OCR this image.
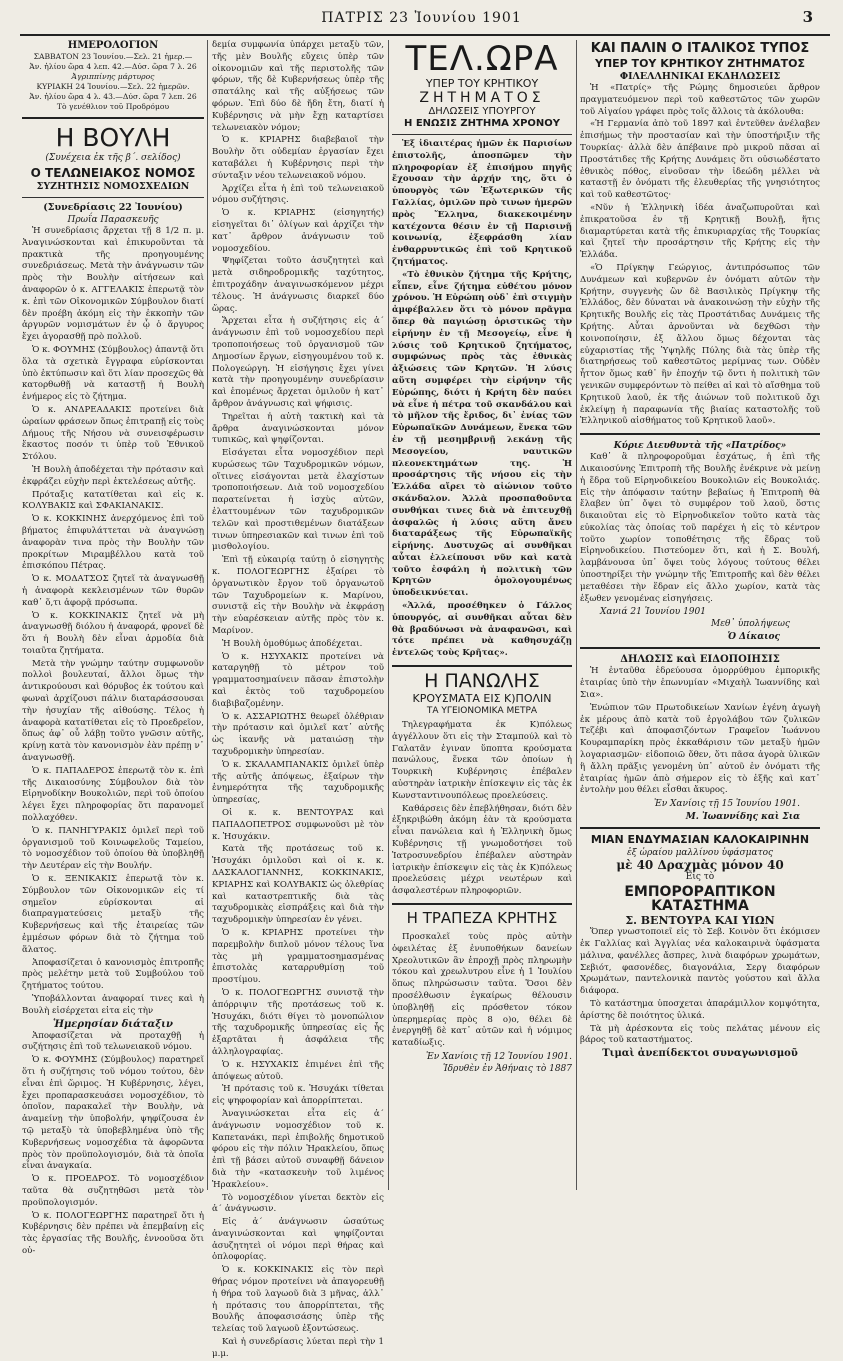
ΠΑΤΡΙΣ 23 Ἰουνίου 1901	3

ΗΜΕΡΟΛΟΓΙΟΝ

ΣΑΒΒΑΤΟΝ 23 Ἰουνίου.—Σελ. 21 ἡμερ.—

Ἀν. ἡλίου ὥρα 4 λεπ. 42.—Δύσ. ὥρα 7 λ. 26

Ἀγριππίνης μάρτυρος

ΚΥΡΙΑΚΗ 24 Ἰουνίου.—Σελ. 22 ἡμερῶν.

Ἀν. ἡλίου ὥρα 4 λ. 43.—Δύσ. ὥρα 7 λεπ. 26

Τὸ γενέθλιον τοῦ Προδρόμου

Η ΒΟΥΛΗ

(Συνέχεια ἐκ τῆς β΄. σελίδος)

Ο ΤΕΛΩΝΕΙΑΚΟΣ ΝΟΜΟΣ

ΣΥΖΗΤΗΣΙΣ ΝΟΜΟΣΧΕΔΙΩΝ

(Συνεδρίασις 22 Ἰουνίου)

Πρωΐα Παρασκευῆς

Ἡ συνεδρίασις ἄρχεται τῇ 8 1/2 π. μ. Ἀναγινώσκονται καὶ ἐπικυροῦνται τὰ πρακτικὰ τῆς προηγουμένης συνεδριάσεως. Μετὰ τὴν ἀνάγνωσιν τῶν πρὸς τὴν Βουλὴν αἰτήσεων καὶ ἀναφορῶν ὁ κ. ΑΓΓΕΛΑΚΙΣ ἐπερωτᾷ τὸν κ. ἐπὶ τῶν Οἰκονομικῶν Σύμβουλον διατί δὲν προέβη ἀκόμη εἰς τὴν ἐκκοπὴν τῶν ἀργυρῶν νομισμάτων ἐν ᾧ ὁ ἄργυρος ἔχει ἀγορασθῇ πρὸ πολλοῦ.

Ὁ κ. ΦΟΥΜΗΣ (Σύμβουλος) ἀπαντᾷ ὅτι ὅλα τὰ σχετικὰ ἔγγραφα εὑρίσκονται ὑπὸ ἐκτύπωσιν καὶ ὅτι λίαν προσεχῶς θὰ κατορθωθῇ νὰ καταστῇ ἡ Βουλὴ ἐνήμερος εἰς τὸ ζήτημα.

Ὁ κ. ΑΝΔΡΕΑΔΑΚΙΣ προτείνει διὰ ὡραίων φράσεων ὅπως ἐπιτραπῇ εἰς τοὺς Δήμους τῆς Νήσου νὰ συνεισφέρωσιν ἕκαστος ποσόν τι ὑπὲρ τοῦ Ἐθνικοῦ Στόλου.

Ἡ Βουλὴ ἀποδέχεται τὴν πρότασιν καὶ ἐκφράζει εὐχὴν περὶ ἐκτελέσεως αὐτῆς.

Πρόταξις κατατίθεται καὶ εἰς κ. ΚΟΛΥΒΑΚΙΣ καὶ ΣΦΑΚΙΑΝΑΚΙΣ.

Ὁ κ. ΚΟΚΚΙΝΗΣ ἀνερχόμενος ἐπὶ τοῦ βήματος ἐπιφυλάττεται νὰ ἀναγνώσῃ ἀναφορὰν τινα πρὸς τὴν Βουλὴν τῶν προκρίτων Μιραμβέλλου κατὰ τοῦ ἐπισκόπου Πέτρας.

Ὁ κ. ΜΟΔΑΤΣΟΣ ζητεῖ τὰ ἀναγνωσθῇ ἡ ἀναφορὰ κεκλεισμένων τῶν θυρῶν καθ᾽ ὅ,τι ἀφορᾷ πρόσωπα.

Ὁ κ. ΚΟΚΚΙΝΑΚΙΣ ζητεῖ νὰ μὴ ἀναγνωσθῇ διόλου ἡ ἀναφορά, φρονεῖ δὲ ὅτι ἡ Βουλὴ δὲν εἶναι ἁρμοδία διὰ τοιαῦτα ζητήματα.

Μετὰ τὴν γνώμην ταύτην συμφωνοῦν πολλοὶ βουλευταί, ἄλλοι ὅμως τὴν ἀντικρούουσι καὶ θόρυβος ἐκ τούτου καὶ φωναὶ ἀρχίζουσι πάλιν διαταράσσουσαι τὴν ἡσυχίαν τῆς αἰθούσης. Τέλος ἡ ἀναφορὰ κατατίθεται εἰς τὸ Προεδρεῖον, ὅπως ἀφ᾽ οὗ λάβῃ τοῦτο γνῶσιν αὐτῆς, κρίνῃ κατὰ τὸν κανονισμὸν ἐὰν πρέπῃ ν᾽ ἀναγνωσθῇ.

Ὁ κ. ΠΑΠΑΔΕΡΟΣ ἐπερωτᾷ τὸν κ. ἐπὶ τῆς Δικαιοσύνης Σύμβουλον διὰ τὸν Εἰρηνοδίκην Βουκολιῶν, περὶ τοῦ ὁποίου λέγει ἔχει πληροφορίας ὅτι παρανομεῖ πολλαχόθεν.

Ὁ κ. ΠΑΝΗΓΥΡΑΚΙΣ ὁμιλεῖ περὶ τοῦ ὀργανισμοῦ τοῦ Κοινωφελοῦς Ταμείου, τὸ νομοσχέδιον τοῦ ὁποίου θὰ ὑποβληθῇ τὴν Δευτέραν εἰς τὴν Βουλήν.

Ὁ κ. ΞΕΝΙΚΑΚΙΣ ἐπερωτᾷ τὸν κ. Σύμβουλον τῶν Οἰκονομικῶν εἰς τί σημεῖον εὑρίσκονται αἱ διαπραγματεύσεις μεταξὺ τῆς Κυβερνήσεως καὶ τῆς ἑταιρείας τῶν ἐμμέσων φόρων διὰ τὸ ζήτημα τοῦ ἅλατος.

Ἀποφασίζεται ὁ κανονισμὸς ἐπιτροπῆς πρὸς μελέτην μετὰ τοῦ Συμβούλου τοῦ ζητήματος τούτου.

Ὑποβάλλονται ἀναφοραί τινες καὶ ἡ Βουλὴ εἰσέρχεται εἰτα εἰς τὴν

Ἡμερησίαν διάταξιν

Ἀποφασίζεται νὰ προταχθῇ ἡ συζήτησις ἐπὶ τοῦ τελωνειακοῦ νόμου.

Ὁ κ. ΦΟΥΜΗΣ (Σύμβουλος) παρατηρεῖ ὅτι ἡ συζήτησις τοῦ νόμου τούτου, δὲν εἶναι ἐπὶ ὥριμος. Ἡ Κυβέρνησις, λέγει, ἔχει προπαρασκευάσει νομοσχέδιον, τὸ ὁποῖον, παρακαλεῖ τὴν Βουλὴν, νὰ ἀναμείνῃ τὴν ὑποβολήν, ψηφίζουσα ἐν τῷ μεταξὺ τὰ ὑποβεβλημένα ὑπὸ τῆς Κυβερνήσεως νομοσχέδια τὰ ἀφορῶντα πρὸς τὸν προϋπολογισμόν, διὰ τὰ ὁποῖα εἶναι ἀναγκαία.

Ὁ κ. ΠΡΟΕΔΡΟΣ. Τὸ νομοσχέδιον ταῦτα θὰ συζητηθῶσι μετὰ τὸν προϋπολογισμόν.

Ὁ κ. ΠΟΛΟΓΕΩΡΓΗΣ παρατηρεῖ ὅτι ἡ Κυβέρνησις δὲν πρέπει νὰ ἐπεμβαίνῃ εἰς τὰς ἐργασίας τῆς Βουλῆς, ἐννοοῦσα ὅτι οὐ-

δεμία συμφωνία ὑπάρχει μεταξὺ τῶν, τῆς μὲν Βουλῆς εὔχεις ὑπὲρ τῶν οἰκονομιῶν καὶ τῆς περιστολῆς τῶν φόρων, τῆς δὲ Κυβερνήσεως ὑπὲρ τῆς σπατάλης καὶ τῆς αὐξήσεως τῶν φόρων. Ἐπὶ δύο δὲ ἤδη ἔτη, διατί ἡ Κυβέρνησις νὰ μὴν ἔχῃ καταρτίσει τελωνειακὸν νόμον;

Ὁ κ. ΚΡΙΑΡΗΣ διαβεβαιοῖ τὴν Βουλὴν ὅτι οὐδεμίαν ἐργασίαν ἔχει καταβάλει ἡ Κυβέρνησις περὶ τὴν σύνταξιν νέου τελωνειακοῦ νόμου.

Ἀρχίζει εἶτα ἡ ἐπὶ τοῦ τελωνειακοῦ νόμου συζήτησις.

Ὁ κ. ΚΡΙΑΡΗΣ (εἰσηγητής) εἰσηγεῖται δι᾽ ὀλίγων καὶ ἀρχίζει τὴν κατ᾽ ἄρθρον ἀνάγνωσιν τοῦ νομοσχεδίου.

Ψηφίζεται τοῦτο ἀσυζητητεὶ καὶ μετὰ σιδηροδρομικῆς ταχύτητος, ἐπιτροχάδην ἀναγινωσκόμενον μέχρι τέλους. Ἡ ἀνάγνωσις διαρκεῖ δύο ὥρας.

Ἄρχεται εἶτα ἡ συζήτησις εἰς ἀ΄ ἀνάγνωσιν ἐπὶ τοῦ νομοσχεδίου περὶ τροποποιήσεως τοῦ ὀργανισμοῦ τῶν Δημοσίων ἔργων, εἰσηγουμένου τοῦ κ. Πολογεώργη. Ἡ εἰσήγησις ἔχει γίνει κατὰ τὴν προηγουμένην συνεδρίασιν καὶ ἐπομένως ἄρχεται ὁμιλοῦν ἡ κατ᾽ ἄρθρον ἀνάγνωσις καὶ ψήφισις.

Τηρεῖται ἡ αὐτὴ τακτικὴ καὶ τὰ ἄρθρα ἀναγινώσκονται μόνον τυπικῶς, καὶ ψηφίζονται.

Εἰσάγεται εἶτα νομοσχέδιον περὶ κυρώσεως τῶν Ταχυδρομικῶν νόμων, οἵτινες εἰσάγονται μετὰ ἐλαχίστων τροποποιήσεων. Διὰ τοῦ νομοσχεδίου παρατείνεται ἡ ἰσχὺς αὐτῶν, ἐλαττουμένων τῶν ταχυδρομικῶν τελῶν καὶ προστιθεμένων διατάξεων τινων ὑπηρεσιακῶν καὶ τινων ἐπὶ τοῦ μισθολογίου.

Ἐπὶ τῇ εὐκαιρίᾳ ταύτῃ ὁ εἰσηγητὴς κ. ΠΟΛΟΓΕΩΡΓΗΣ ἐξαίρει τὸ ὀργανωτικὸν ἔργον τοῦ ὀργανωτοῦ τῶν Ταχυδρομείων κ. Μαρίνου, συνιστᾷ εἰς τὴν Βουλὴν νὰ ἐκφράσῃ τὴν εὐαρέσκειαν αὐτῆς πρὸς τὸν κ. Μαρίνον.

Ἡ Βουλὴ ὁμοθύμως ἀποδέχεται.

Ὁ κ. ΗΣΥΧΑΚΙΣ προτείνει νὰ καταργηθῇ τὸ μέτρον τοῦ γραμματοσημαίνειν πᾶσαν ἐπιστολὴν καὶ ἐκτὸς τοῦ ταχυδρομείου διαβιβαζομένην.

Ὁ κ. ΑΣΣΑΡΙΩΤΗΣ θεωρεῖ ὀλέθριαν τὴν πρότασιν καὶ ὁμιλεῖ κατ᾽ αὐτῆς ὡς ἱκανῆς νὰ ματαιώσῃ τὴν ταχυδρομικὴν ὑπηρεσίαν.

Ὁ κ. ΣΚΑΛΑΜΠΑΝΑΚΙΣ ὁμιλεῖ ὑπὲρ τῆς αὐτῆς ἀπόψεως, ἐξαίρων τὴν ἐνημερότητα τῆς ταχυδρομικῆς ὑπηρεσίας,

Οἱ κ. κ. ΒΕΝΤΟΥΡΑΣ καὶ ΠΑΠΑΔΟΠΕΤΡΟΣ συμφωνοῦσι μὲ τὸν κ. Ἡσυχάκιν.

Κατὰ τῆς προτάσεως τοῦ κ. Ἡσυχάκι ὁμιλοῦσι καὶ οἱ κ. κ. ΔΑΣΚΑΛΟΓΙΑΝΝΗΣ, ΚΟΚΚΙΝΑΚΙΣ, ΚΡΙΑΡΗΣ καὶ ΚΟΛΥΒΑΚΙΣ ὡς ὀλεθρίας καὶ καταστρεπτικῆς διὰ τὰς ταχυδρομικὰς εἰσπράξεις καὶ διὰ τὴν ταχυδρομικὴν ὑπηρεσίαν ἐν γένει.

Ὁ κ. ΚΡΙΑΡΗΣ προτείνει τὴν παρεμβολὴν διπλοῦ μόνον τέλους ἵνα τὰς μὴ γραμματοσημασμένας ἐπιστολὰς καταρρυθμίσῃ τοῦ προστίμου.

Ὁ κ. ΠΟΛΟΓΕΩΡΓΗΣ συνιστᾷ τὴν ἀπόρριψιν τῆς προτάσεως τοῦ κ. Ἡσυχάκι, διότι θίγει τὸ μονοπώλιον τῆς ταχυδρομικῆς ὑπηρεσίας εἰς ἧς ἐξαρτᾶται ἡ ἀσφάλεια τῆς ἀλληλογραφίας.

Ὁ κ. ΗΣΥΧΑΚΙΣ ἐπιμένει ἐπὶ τῆς ἀπόψεως αὐτοῦ.

Ἡ πρότασις τοῦ κ. Ἡσυχάκι τίθεται εἰς ψηφοφορίαν καὶ ἀπορρίπτεται.

Ἀναγινώσκεται εἶτα εἰς ἀ΄ ἀνάγνωσιν νομοσχέδιον τοῦ κ. Καπετανάκι, περὶ ἐπιβολῆς δημοτικοῦ φόρου εἰς τὴν πόλιν Ἡρακλείου, ὅπως ἐπὶ τῇ βάσει αὐτοῦ συναφθῇ δάνειον διὰ τὴν «κατασκευὴν τοῦ λιμένος Ἡρακλείου».

Τὸ νομοσχέδιον γίνεται δεκτὸν εἰς ἀ΄ ἀνάγνωσιν.

Εἰς ἀ΄ ἀνάγνωσιν ὡσαύτως ἀναγινώσκονται καὶ ψηφίζονται ἀσυζητητεὶ οἱ νόμοι περὶ θήρας καὶ ὁπλοφορίας.

Ὁ κ. ΚΟΚΚΙΝΑΚΙΣ εἰς τὸν περὶ θήρας νόμον προτείνει νὰ ἀπαγορευθῇ ἡ θήρα τοῦ λαγωοῦ διὰ 3 μῆνας, ἀλλ᾽ ἡ πρότασις του ἀπορρίπτεται, τῆς Βουλῆς ἀποφασισάσης ὑπὲρ τῆς τελείας τοῦ λαγωοῦ ἐξοντώσεως.

Καὶ ἡ συνεδρίασις λύεται περὶ τὴν 1 μ.μ.

ΤΕΛ.ΩΡΑ

ΥΠΕΡ ΤΟΥ ΚΡΗΤΙΚΟΥ

ΖΗΤΗΜΑΤΟΣ

ΔΗΛΩΣΕΙΣ ΥΠΟΥΡΓΟΥ

Η ΕΝΩΣΙΣ ΖΗΤΗΜΑ ΧΡΟΝΟΥ

Ἐξ ἰδιαιτέρας ἡμῶν ἐκ Παρισίων ἐπιστολῆς, ἀποσπῶμεν τὴν πληροφορίαν ἐξ ἐπισήμου πηγῆς ἔχουσαν τὴν ἀρχήν της, ὅτι ὁ ὑπουργὸς τῶν Ἐξωτερικῶν τῆς Γαλλίας, ὁμιλῶν πρὸ τινων ἡμερῶν πρὸς Ἕλληνα, διακεκοιμένην κατέχοντα θέσιν ἐν τῇ Παρισινῇ κοινωνίᾳ, ἐξεφράσθη λίαν ἐνθαρρυντικῶς ἐπὶ τοῦ Κρητικοῦ ζητήματος.

«Τὸ ἐθνικὸν ζήτημα τῆς Κρήτης, εἶπεν, εἶνε ζήτημα εὐθέτου μόνον χρόνου. Ἡ Εὐρώπη οὐδ᾽ ἐπὶ στιγμὴν ἀμφέβαλλεν ὅτι τὸ μόνον πρᾶγμα ὅπερ θὰ παγιώσῃ ὁριστικῶς τὴν εἰρήνην ἐν τῇ Μεσογείῳ, εἶνε ἡ λύσις τοῦ Κρητικοῦ ζητήματος, συμφώνως πρὸς τὰς ἐθνικὰς ἀξιώσεις τῶν Κρητῶν. Ἡ λύσις αὕτη συμφέρει τὴν εἰρήνην τῆς Εὐρώπης, διότι ἡ Κρήτη δὲν παύει νὰ εἶνε ἡ πέτρα τοῦ σκανδάλου καὶ τὸ μῆλον τῆς ἔριδος, δι᾽ ἐνίας τῶν Εὐρωπαϊκῶν Δυνάμεων, ἕνεκα τῶν ἐν τῇ μεσημβρινῇ λεκάνῃ τῆς Μεσογείου, ναυτικῶν πλεονεκτημάτων της. Ἡ προσάρτησις τῆς νήσου εἰς τὴν Ἑλλάδα αἴρει τὸ αἰώνιον τοῦτο σκάνδαλον. Ἀλλὰ προσπαθοῦντα συνθήκαι τινες διὰ νὰ ἐπιτευχθῇ ἀσφαλῶς ἡ λύσις αὕτη ἄνευ διαταράξεως τῆς Εὐρωπαϊκῆς εἰρήνης. Δυστυχῶς αἱ συνθῆκαι αὗται ἐλλείπουσι νῦν καὶ κατὰ τοῦτο ἐσφάλη ἡ πολιτικὴ τῶν Κρητῶν ὁμολογουμένως ὑποδεικνύεται.

«Ἀλλά, προσέθηκεν ὁ Γάλλος ὑπουργός, αἱ συνθῆκαι αὗται δὲν θὰ βραδύνωσι νὰ ἀναφανῶσι, καὶ τότε πρέπει νὰ καθησυχάζῃ ἐντελῶς τοὺς Κρῆτας».

Η ΠΑΝΩΛΗΣ

ΚΡΟΥΣΜΑΤΑ ΕΙΣ Κ)ΠΟΛΙΝ

ΤΑ ΥΓΕΙΟΝΟΜΙΚΑ ΜΕΤΡΑ

Τηλεγραφήματα ἐκ Κ)πόλεως ἀγγέλλουν ὅτι εἰς τὴν Σταμπούλ καὶ τὸ Γαλατᾶν ἐγιναν ὕποπτα κρούσματα πανώλους, ἕνεκα τῶν ὁποίων ἡ Τουρκικὴ Κυβέρνησις ἐπέβαλεν αὐστηρὰν ἰατρικὴν ἐπίσκεψιν εἰς τὰς ἐκ Κωνσταντινουπόλεως προελεύσεις.

Καθάρσεις δὲν ἐπεβλήθησαν, διότι δὲν ἐξηκριβώθη ἀκόμη ἐὰν τὰ κρούσματα εἶναι πανώλεια καὶ ἡ Ἑλληνικὴ ὅμως Κυβέρνησις τῇ γνωμοδοτήσει τοῦ Ἰατροσυνεδρίου ἐπέβαλεν αὐστηρὰν ἰατρικὴν ἐπίσκεψιν εἰς τὰς ἐκ Κ)πόλεως προελεύσεις μέχρι νεωτέρων καὶ ἀσφαλεστέρων πληροφοριῶν.

Η ΤΡΑΠΕΖΑ ΚΡΗΤΗΣ

Προσκαλεῖ τοὺς πρὸς αὐτὴν ὀφειλέτας ἐξ ἐνυποθήκων δανείων Χρεολυτικῶν ἂν ἐπροχῇ πρὸς πληρωμὴν τόκου καὶ χρεωλυτρου εἶνε ἡ 1 Ἰουλίου ὅπως πληρώσωσιν ταῦτα. Ὅσοι δὲν προσέλθωσιν ἐγκαίρως θέλουσιν ὑποβληθῇ εἰς πρόσθετον τόκον ὑπερημερίας πρὸς 8 ο)ο, θέλει δὲ ἐνεργηθῇ δὲ κατ᾽ αὐτῶν καὶ ἡ νόμιμος καταδίωξις.

Ἐν Χανίοις τῇ 12 Ἰουνίου 1901.

Ἱδρυθὲν ἐν Ἀθήναις τὸ 1887

ΚΑΙ ΠΑΛΙΝ Ο ΙΤΑΛΙΚΟΣ ΤΥΠΟΣ
ΥΠΕΡ ΤΟΥ ΚΡΗΤΙΚΟΥ ΖΗΤΗΜΑΤΟΣ

ΦΙΛΕΛΛΗΝΙΚΑΙ ΕΚΔΗΛΩΣΕΙΣ

Ἡ «Πατρίς» τῆς Ρώμης δημοσιεύει ἄρθρον πραγματευόμενον περὶ τοῦ καθεστῶτος τῶν χωρῶν τοῦ Αἰγαίου γράφει πρὸς τοῖς ἄλλοις τὰ ἀκόλουθα:

«Ἡ Γερμανία ἀπὸ τοῦ 1897 καὶ ἐντεῦθεν ἀνέλαβεν ἐπισήμως τὴν προστασίαν καὶ τὴν ὑποστήριξιν τῆς Τουρκίας· ἀλλὰ δὲν ἀπέβαινε πρὸ μικροῦ πᾶσαι αἱ Προστάτιδες τῆς Κρήτης Δυνάμεις ὅτι οὐσιωδέστατο ἐθνικὸς πόθος, εἰνοῦσαν τὴν ἰδεώδη μέλλει νὰ καταστῇ ἐν ὀνόματι τῆς ἐλευθερίας τῆς γνησιότητος καὶ τοῦ καθεστῶτος·

«Νῦν ἡ Ἑλληνικὴ ἰδέα ἀναζωπυροῦται καὶ ἐπικρατοῦσα ἐν τῇ Κρητικῇ Βουλῇ, ἥτις διαμαρτύρεται κατὰ τῆς ἐπικυριαρχίας τῆς Τουρκίας καὶ ζητεῖ τὴν προσάρτησιν τῆς Κρήτης εἰς τὴν Ἑλλάδα.

«Ὁ Πρίγκηψ Γεώργιος, ἀντιπρόσωπος τῶν Δυνάμεων καὶ κυβερνῶν ἐν ὀνόματι αὐτῶν τὴν Κρήτην, συγγενὴς ὢν δὲ Βασιλικὸς Πρίγκηψ τῆς Ἑλλάδος, δὲν δύναται νὰ ἀνακοινώσῃ τὴν εὐχὴν τῆς Κρητικῆς Βουλῆς εἰς τὰς Προστάτιδας Δυνάμεις τῆς Κρήτης. Αὗται ἀρνοῦνται νὰ δεχθῶσι τὴν κοινοποίησιν, ἐξ ἄλλου ὅμως δέχονται τὰς εὐχαριστίας τῆς Ὑψηλῆς Πύλης διὰ τὰς ὑπὲρ τῆς διατηρήσεως τοῦ καθεστῶτος μερίμνας των. Οὐδὲν ἦττον ὅμως καθ᾽ ἣν ἐποχήν τῷ ὄντι ἡ πολιτικὴ τῶν γενικῶν συμφερόντων τὸ πείθει αἱ καὶ τὸ αἴσθημα τοῦ Κρητικοῦ λαοῦ, ἐκ τῆς ἀιώνων τοῦ πολιτικοῦ ὄχι ἐκλείψῃ ἡ παραφωνία τῆς βιαίας καταστολῆς τοῦ Ἑλληνικοῦ αἰσθήματος τοῦ Κρητικοῦ λαοῦ».

Κύριε Διευθυντὰ τῆς «Πατρίδος»

Καθ᾽ ἃ πληροφοροῦμαι ἐσχάτως, ἡ ἐπὶ τῆς Δικαιοσύνης Ἐπιτροπὴ τῆς Βουλῆς ἐνέκρινε νὰ μείνῃ ἡ ἕδρα τοῦ Εἰρηνοδικείου Βουκολιῶν εἰς Βουκολιάς. Εἰς τὴν ἀπόφασιν ταύτην βεβαίως ἡ Ἐπιτροπὴ θὰ ἔλαβεν ὑπ᾽ ὄψει τὸ συμφέρον τοῦ λαοῦ, ὅστις δικαιοῦται εἰς τὸ Εἰρηνοδικεῖον τοῦτο κατὰ τὰς εὐκολίας τὰς ὁποίας τοῦ παρέχει ἡ εἰς τὸ κέντρον τοῦτο χωρίον τοποθέτησις τῆς ἕδρας τοῦ Εἰρηνοδικείου. Πιστεύομεν ὅτι, καὶ ἡ Σ. Βουλή, λαμβάνουσα ὑπ᾽ ὄψει τοὺς λόγους τούτους θέλει ὑποστηρίξει τὴν γνώμην τῆς Ἐπιτροπῆς καὶ δὲν θέλει μεταθέσει τὴν ἕδραν εἰς ἄλλο χωρίον, κατὰ τὰς ἐξωθεν γενομένας εἰσηγήσεις.

Χανιά 21 Ἰουνίου 1901

Μεθ᾽ ὑπολήψεως

Ὁ Δίκαιος

ΔΗΛΩΣΙΣ καὶ ΕΙΔΟΠΟΙΗΣΙΣ

Ἡ ἐνταῦθα ἑδρεύουσα ὁμορρύθμου ἐμπορικῆς ἑταιρίας ὑπὸ τὴν ἐπωνυμίαν «Μιχαὴλ Ἰωαννίδης καὶ Σια».

Ἐνώπιον τῶν Πρωτοδικείων Χανίων ἐγένη ἀγωγὴ ἐκ μέρους ἀπὸ κατὰ τοῦ ἐργολάβου τῶν ζυλικῶν Τεζέβι καὶ ἀποφασιζόντων Γραφεῖον Ἰωάννου Κουραμπαρίκη πρὸς ἐκκαθάρισιν τῶν μεταξὺ ἡμῶν λογαριασμῶν· εἰδοποιῶ ὅθεν, ὅτι πᾶσα ἀγορὰ ὑλικῶν ἢ ἄλλη πρᾶξις γενομένη ὑπ᾽ αὐτοῦ ἐν ὀνόματι τῆς ἑταιρίας ἡμῶν ἀπὸ σήμερον εἰς τὸ ἑξῆς καὶ κατ᾽ ἐντολὴν μου θέλει εἶσθαι ἄκυρος.

Ἐν Χανίοις τῇ 15 Ἰουνίου 1901.

Μ. Ἰωαννίδης καὶ Σια

ΜΙΑΝ ΕΝΔΥΜΑΣΙΑΝ ΚΑΛΟΚΑΙΡΙΝΗΝ

ἐξ ὡραίου μαλλίνου ὑφάσματος

μὲ 40 Δραχμὰς μόνον 40

Εἰς τὸ

ΕΜΠΟΡΟΡΑΠΤΙΚΟΝ ΚΑΤΑΣΤΗΜΑ

Σ. ΒΕΝΤΟΥΡΑ ΚΑΙ ΥΙΩΝ

Ὅπερ γνωστοποιεῖ εἰς τὸ Σεβ. Κοινὸν ὅτι ἐκόμισεν ἐκ Γαλλίας καὶ Ἀγγλίας νέα καλοκαιρινὰ ὑφάσματα μάλινα, φανέλλες ἄσπρες, λινὰ διαφόρων χρωμάτων, Σεβιότ, φασονέδες, διαγονάλια, Σεργ διαφόρων Χρωμάτων, παντελονικὰ παντὸς γούστου καὶ ἄλλα διάφορα.

Τὸ κατάστημα ὑποσχεται ἀπαράμιλλον κομψότητα, ἀρίστης δὲ ποιότητος ὑλικά.

Τὰ μὴ ἀρέσκοντα εἰς τοὺς πελάτας μένουν εἰς βάρος τοῦ καταστήματος.

Τιμαὶ ἀνεπίδεκτοι συναγωνισμοῦ
